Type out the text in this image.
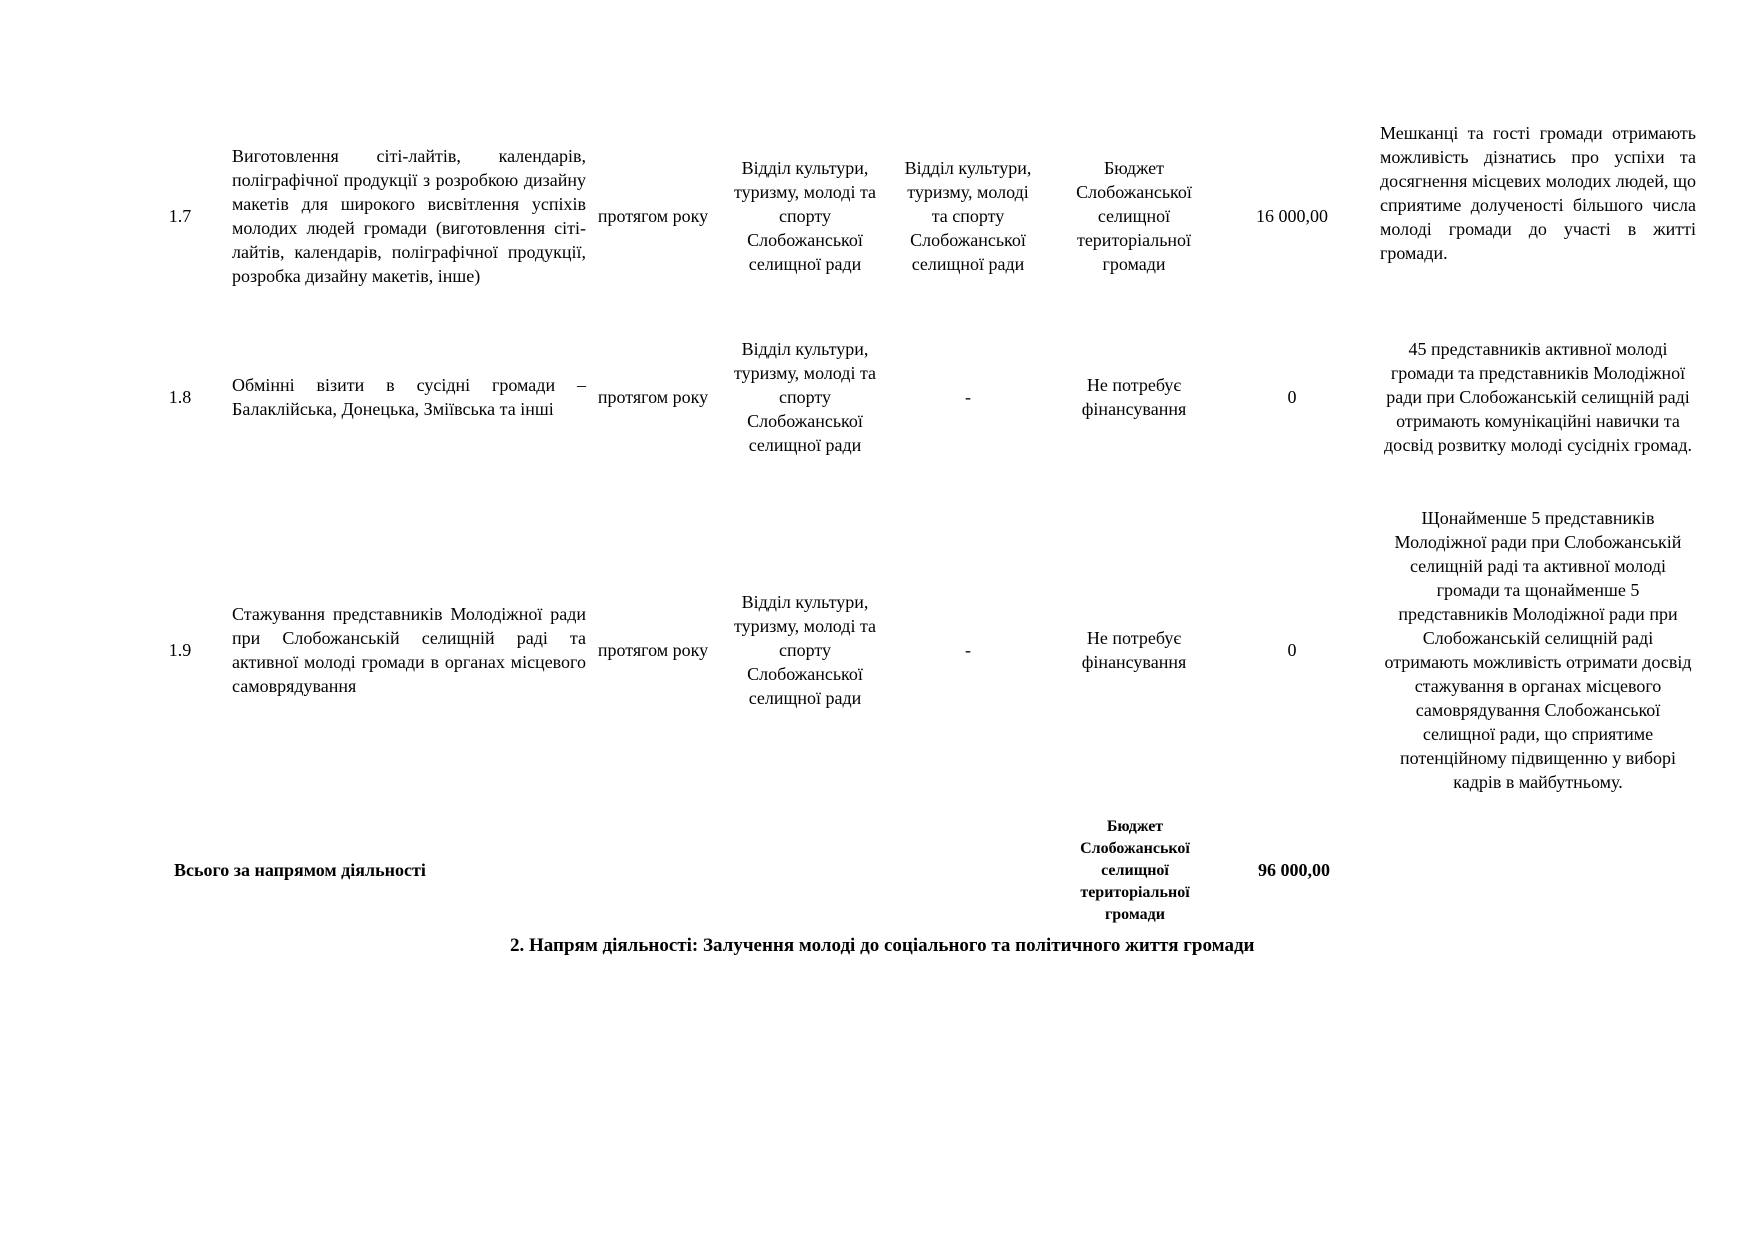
1.7
Виготовлення сіті-лайтів, календарів, поліграфічної продукції з розробкою дизайну макетів для широкого висвітлення успіхів молодих людей громади (виготовлення сіті-лайтів, календарів, поліграфічної продукції, розробка дизайну макетів, інше)
протягом року
Відділ культури, туризму, молоді та спорту Слобожанської селищної ради
Відділ культури, туризму, молоді та спорту Слобожанської селищної ради
Бюджет Слобожанської селищної територіальної громади
16 000,00
Мешканці та гості громади отримають можливість дізнатись про успіхи та досягнення місцевих молодих людей, що сприятиме долученості більшого числа молоді громади до участі в житті громади.
1.8
Обмінні візити в сусідні громади – Балаклійська, Донецька, Зміївська та інші
протягом року
Відділ культури, туризму, молоді та спорту Слобожанської селищної ради
-
Не потребує фінансування
0
45 представників активної молоді громади та представників Молодіжної ради при Слобожанській селищній раді отримають комунікаційні навички та досвід розвитку молоді сусідніх громад.
1.9
Стажування представників Молодіжної ради при Слобожанській селищній раді та активної молоді громади в органах місцевого самоврядування
протягом року
Відділ культури, туризму, молоді та спорту Слобожанської селищної ради
-
Не потребує фінансування
0
Щонайменше 5 представників Молодіжної ради при Слобожанській селищній раді та активної молоді громади та щонайменше 5 представників Молодіжної ради при Слобожанській селищній раді отримають можливість отримати досвід стажування в органах місцевого самоврядування Слобожанської селищної ради, що сприятиме потенційному підвищенню у виборі кадрів в майбутньому.
Всього за напрямом діяльності
Бюджет Слобожанської селищної територіальної громади
96 000,00
2. Напрям діяльності: Залучення молоді до соціального та політичного життя громади
